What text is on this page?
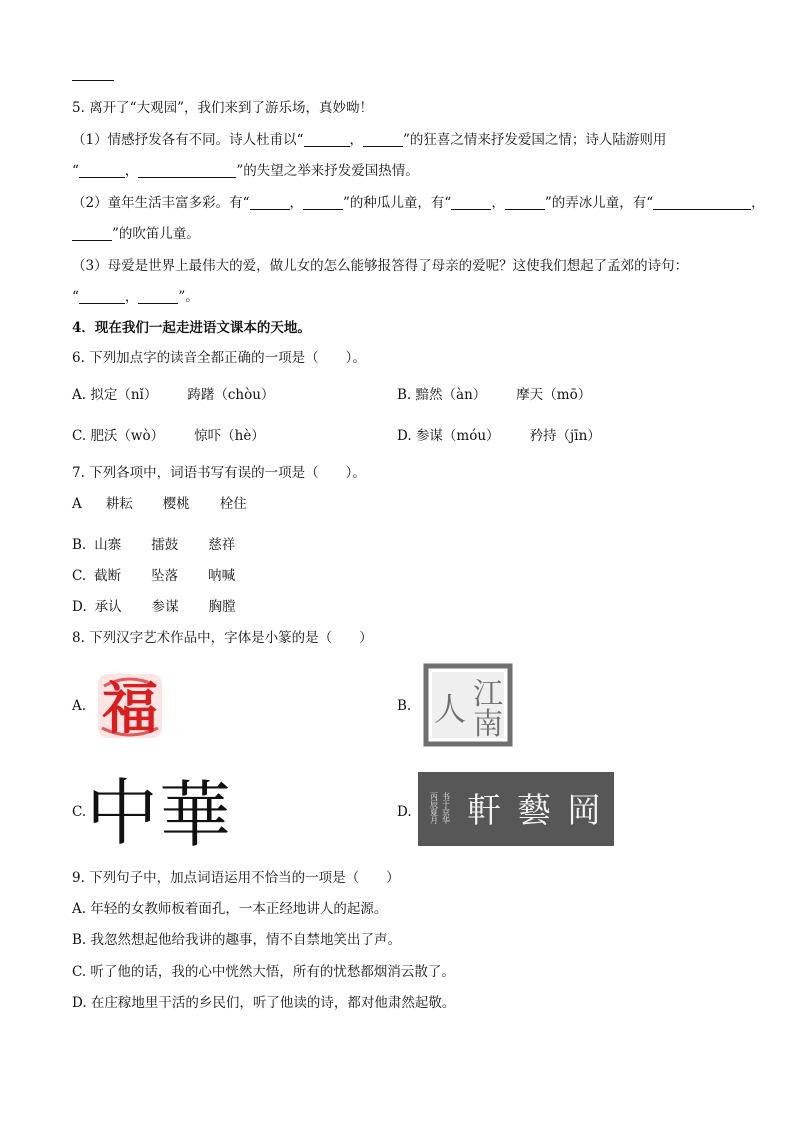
5. 离开了“大观园”，我们来到了游乐场，真妙呦！
（1）情感抒发各有不同。诗人杜甫以“	，	”的狂喜之情来抒发爱国之情；诗人陆游则用
“	，	”的失望之举来抒发爱国热情。
（2）童年生活丰富多彩。有“	，	”的种瓜儿童，有“	，	”的弄冰儿童，有“	，
”的吹笛儿童。
（3）母爱是世界上最伟大的爱，做儿女的怎么能够报答得了母亲的爱呢？这使我们想起了孟郊的诗句：
“	，	”。
4．现在我们一起走进语文课本的天地。
6. 下列加点字的读音全都正确的一项是（　　）。
A. 拟定（nǐ） 踌躇（chòu）	B. 黯然（àn） 摩天（mō）
C. 肥沃（wò） 惊吓（hè）	D. 参谋（móu） 矜持（jīn）
7. 下列各项中，词语书写有误的一项是（　　）。
A 耕耘 樱桃 栓住
B. 山寨 擂鼓 慈祥
C. 截断 坠落 呐喊
D. 承认 参谋 胸膛
8. 下列汉字艺术作品中，字体是小篆的是（　　）
A. 福	B. 江
南
人
C. 中 華	D. 丙辰夏月 书于京华 軒 藝 岡
9. 下列句子中，加点词语运用不恰当的一项是（　　）
A. 年轻的女教师板着面孔，一本正经地讲人的起源。
B. 我忽然想起他给我讲的趣事，情不自禁地笑出了声。
C. 听了他的话，我的心中恍然大悟，所有的忧愁都烟消云散了。
D. 在庄稼地里干活的乡民们，听了他读的诗，都对他肃然起敬。
